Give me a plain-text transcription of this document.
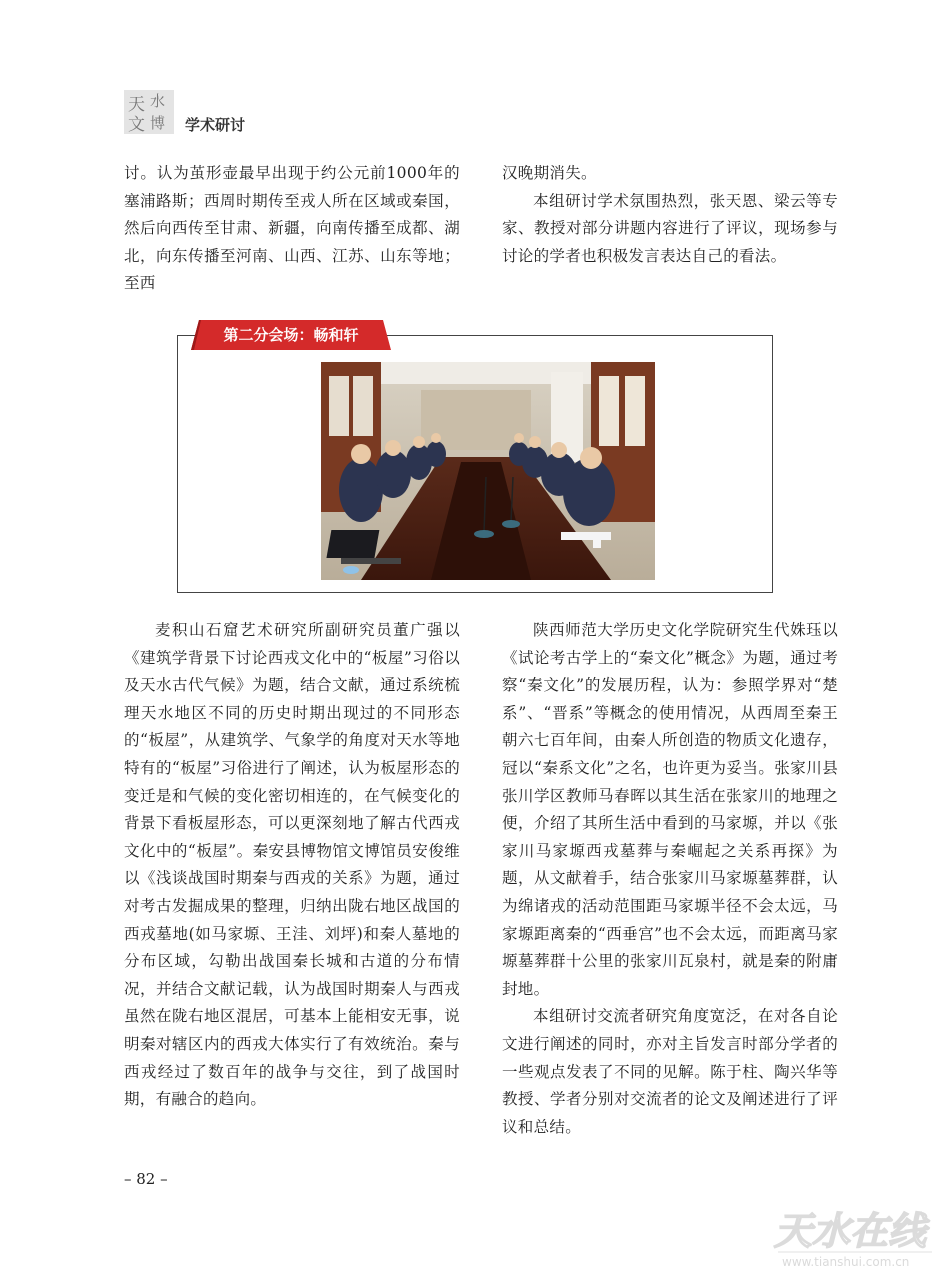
天 水
文 博 学术研讨

讨。认为茧形壶最早出现于约公元前1000年的塞浦路斯；西周时期传至戎人所在区域或秦国，然后向西传至甘肃、新疆，向南传播至成都、湖北，向东传播至河南、山西、江苏、山东等地；至西

汉晚期消失。

本组研讨学术氛围热烈，张天恩、梁云等专家、教授对部分讲题内容进行了评议，现场参与讨论的学者也积极发言表达自己的看法。

第二分会场：畅和轩

麦积山石窟艺术研究所副研究员董广强以《建筑学背景下讨论西戎文化中的“板屋”习俗以及天水古代气候》为题，结合文献，通过系统梳理天水地区不同的历史时期出现过的不同形态的“板屋”，从建筑学、气象学的角度对天水等地特有的“板屋”习俗进行了阐述，认为板屋形态的变迁是和气候的变化密切相连的，在气候变化的背景下看板屋形态，可以更深刻地了解古代西戎文化中的“板屋”。秦安县博物馆文博馆员安俊维以《浅谈战国时期秦与西戎的关系》为题，通过对考古发掘成果的整理，归纳出陇右地区战国的西戎墓地(如马家塬、王洼、刘坪)和秦人墓地的分布区域，勾勒出战国秦长城和古道的分布情况，并结合文献记载，认为战国时期秦人与西戎虽然在陇右地区混居，可基本上能相安无事，说明秦对辖区内的西戎大体实行了有效统治。秦与西戎经过了数百年的战争与交往，到了战国时期，有融合的趋向。

陕西师范大学历史文化学院研究生代姝珏以《试论考古学上的“秦文化”概念》为题，通过考察“秦文化”的发展历程，认为：参照学界对“楚系”、“晋系”等概念的使用情况，从西周至秦王朝六七百年间，由秦人所创造的物质文化遗存，冠以“秦系文化”之名，也许更为妥当。张家川县张川学区教师马春晖以其生活在张家川的地理之便，介绍了其所生活中看到的马家塬，并以《张家川马家塬西戎墓葬与秦崛起之关系再探》为题，从文献着手，结合张家川马家塬墓葬群，认为绵诸戎的活动范围距马家塬半径不会太远，马家塬距离秦的“西垂宫”也不会太远，而距离马家塬墓葬群十公里的张家川瓦泉村，就是秦的附庸封地。

本组研讨交流者研究角度宽泛，在对各自论文进行阐述的同时，亦对主旨发言时部分学者的一些观点发表了不同的见解。陈于柱、陶兴华等教授、学者分别对交流者的论文及阐述进行了评议和总结。

– 82 –
天水在线
www.tianshui.com.cn
